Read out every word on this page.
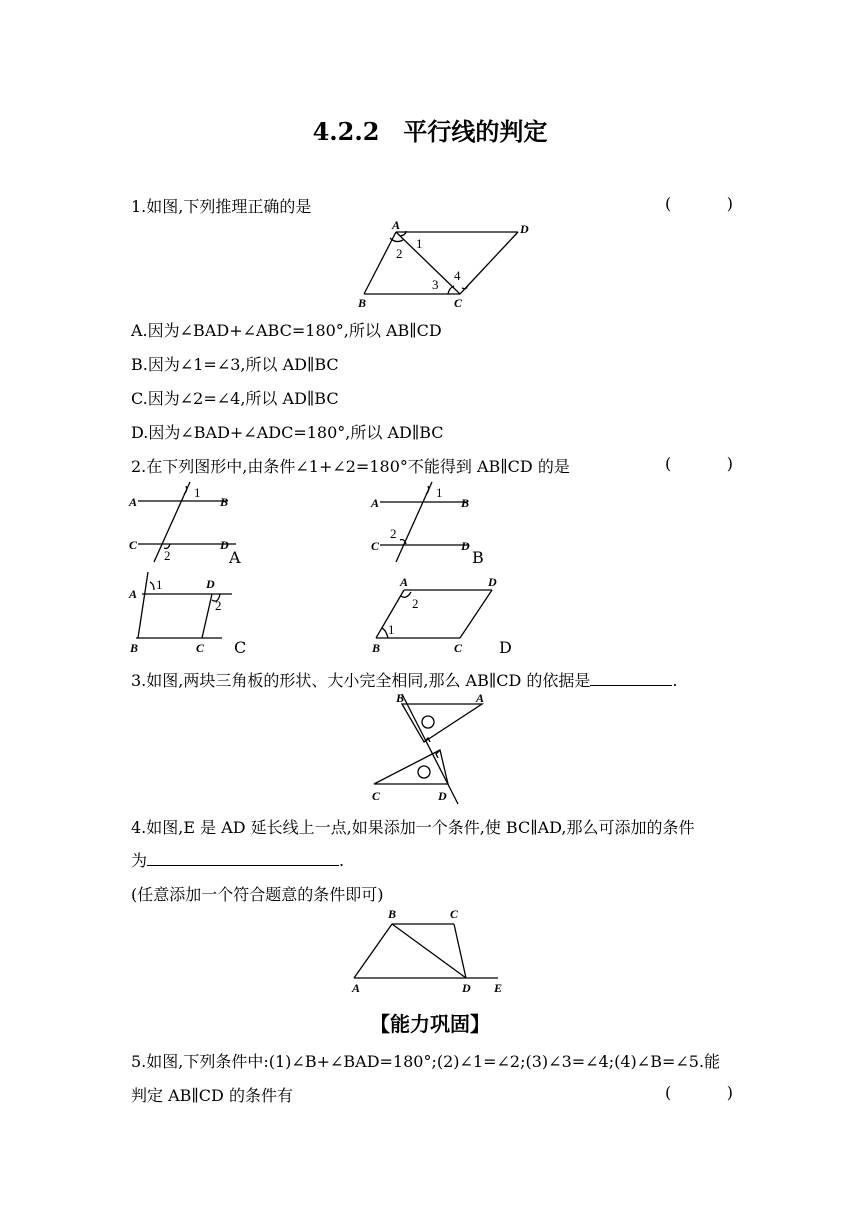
4.2.2　平行线的判定
1.如图,下列推理正确的是	(	)
A	D
B	C
1
2
3
4
A.因为∠BAD+∠ABC=180°,所以 AB∥CD
B.因为∠1=∠3,所以 AD∥BC
C.因为∠2=∠4,所以 AD∥BC
D.因为∠BAD+∠ADC=180°,所以 AD∥BC
2.在下列图形中,由条件∠1+∠2=180°不能得到 AB∥CD 的是	(	)
A	B
C	D
1
2	A
A	B
C	D
1
2
B
A
D
B	C
1
2
C
A	D
B	C
2
1
D
3.如图,两块三角板的形状、大小完全相同,那么 AB∥CD 的依据是	.
B	A
C	D
4.如图,E 是 AD 延长线上一点,如果添加一个条件,使 BC∥AD,那么可添加的条件
为	.
(任意添加一个符合题意的条件即可)
B	C
A	D E
【能力巩固】
5.如图,下列条件中:(1)∠B+∠BAD=180°;(2)∠1=∠2;(3)∠3=∠4;(4)∠B=∠5.能
判定 AB∥CD 的条件有	(	)
